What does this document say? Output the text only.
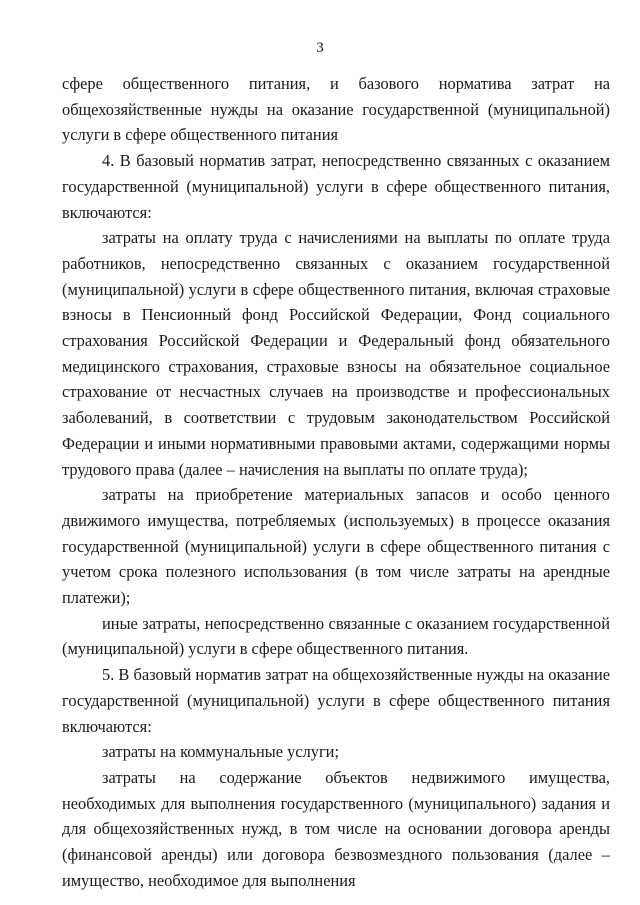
3

сфере общественного питания, и базового норматива затрат на общехозяйственные нужды на оказание государственной (муниципальной) услуги в сфере общественного питания

4. В базовый норматив затрат, непосредственно связанных с оказанием государственной (муниципальной) услуги в сфере общественного питания, включаются:

затраты на оплату труда с начислениями на выплаты по оплате труда работников, непосредственно связанных с оказанием государственной (муниципальной) услуги в сфере общественного питания, включая страховые взносы в Пенсионный фонд Российской Федерации, Фонд социального страхования Российской Федерации и Федеральный фонд обязательного медицинского страхования, страховые взносы на обязательное социальное страхование от несчастных случаев на производстве и профессиональных заболеваний, в соответствии с трудовым законодательством Российской Федерации и иными нормативными правовыми актами, содержащими нормы трудового права (далее – начисления на выплаты по оплате труда);

затраты на приобретение материальных запасов и особо ценного движимого имущества, потребляемых (используемых) в процессе оказания государственной (муниципальной) услуги в сфере общественного питания с учетом срока полезного использования (в том числе затраты на арендные платежи);

иные затраты, непосредственно связанные с оказанием государственной (муниципальной) услуги в сфере общественного питания.

5. В базовый норматив затрат на общехозяйственные нужды на оказание государственной (муниципальной) услуги в сфере общественного питания включаются:

затраты на коммунальные услуги;

затраты на содержание объектов недвижимого имущества, необходимых для выполнения государственного (муниципального) задания и для общехозяйственных нужд, в том числе на основании договора аренды (финансовой аренды) или договора безвозмездного пользования (далее – имущество, необходимое для выполнения
